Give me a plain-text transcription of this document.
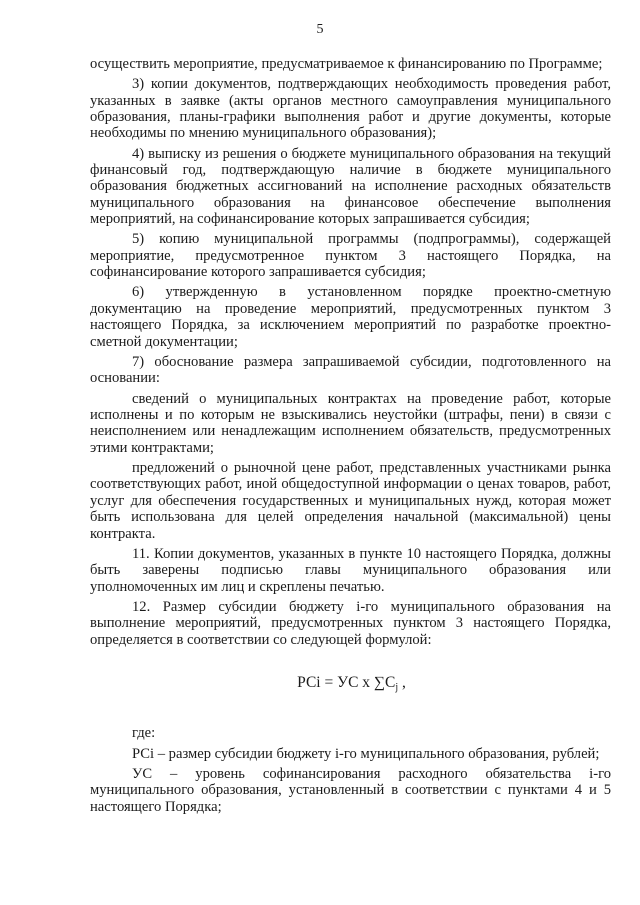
5

осуществить мероприятие, предусматриваемое к финансированию по Программе;

3) копии документов, подтверждающих необходимость проведения работ, указанных в заявке (акты органов местного самоуправления муниципального образования, планы-графики выполнения работ и другие документы, которые необходимы по мнению муниципального образования);

4) выписку из решения о бюджете муниципального образования на текущий финансовый год, подтверждающую наличие в бюджете муниципального образования бюджетных ассигнований на исполнение расходных обязательств муниципального образования на финансовое обеспечение выполнения мероприятий, на софинансирование которых запрашивается субсидия;

5) копию муниципальной программы (подпрограммы), содержащей мероприятие, предусмотренное пунктом 3 настоящего Порядка, на софинансирование которого запрашивается субсидия;

6) утвержденную в установленном порядке проектно-сметную документацию на проведение мероприятий, предусмотренных пунктом 3 настоящего Порядка, за исключением мероприятий по разработке проектно-сметной документации;

7) обоснование размера запрашиваемой субсидии, подготовленного на основании:

сведений о муниципальных контрактах на проведение работ, которые исполнены и по которым не взыскивались неустойки (штрафы, пени) в связи с неисполнением или ненадлежащим исполнением обязательств, предусмотренных этими контрактами;

предложений о рыночной цене работ, представленных участниками рынка соответствующих работ, иной общедоступной информации о ценах товаров, работ, услуг для обеспечения государственных и муниципальных нужд, которая может быть использована для целей определения начальной (максимальной) цены контракта.

11. Копии документов, указанных в пункте 10 настоящего Порядка, должны быть заверены подписью главы муниципального образования или уполномоченных им лиц и скреплены печатью.

12. Размер субсидии бюджету i-го муниципального образования на выполнение мероприятий, предусмотренных пунктом 3 настоящего Порядка, определяется в соответствии со следующей формулой:

РСi = УС x $\sum C_j$ ,

где:

РСi – размер субсидии бюджету i-го муниципального образования, рублей;

УС – уровень софинансирования расходного обязательства i-го муниципального образования, установленный в соответствии с пунктами 4 и 5 настоящего Порядка;
